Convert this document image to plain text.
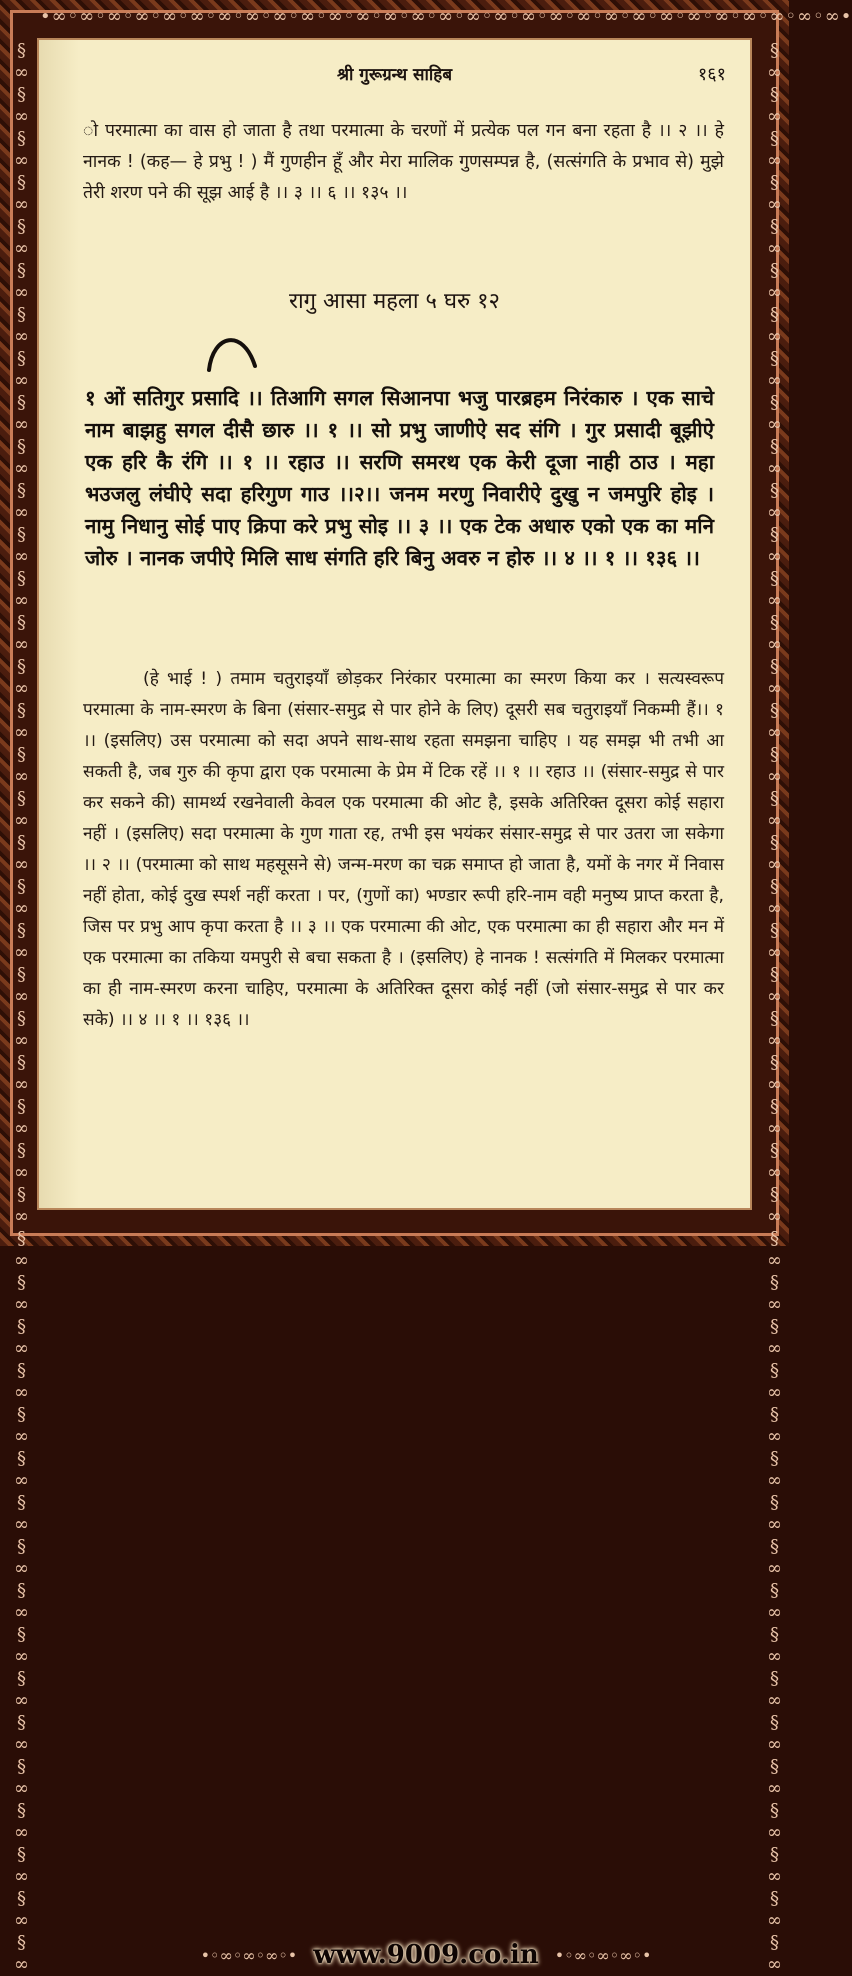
•∞◦∞◦∞◦∞◦∞◦∞◦∞◦∞◦∞◦∞◦∞◦∞◦∞◦∞◦∞◦∞◦∞◦∞◦∞◦∞◦∞◦∞◦∞◦∞◦∞◦∞◦∞◦∞◦∞•
§∞§∞§∞§∞§∞§∞§∞§∞§∞§∞§∞§∞§∞§∞§∞§∞§∞§∞§∞§∞§∞§∞§∞§∞§∞§∞§∞§∞§∞§∞§∞§∞§∞§∞§∞§∞§∞§∞§∞§∞§∞§∞§∞§∞	§∞§∞§∞§∞§∞§∞§∞§∞§∞§∞§∞§∞§∞§∞§∞§∞§∞§∞§∞§∞§∞§∞§∞§∞§∞§∞§∞§∞§∞§∞§∞§∞§∞§∞§∞§∞§∞§∞§∞§∞§∞§∞§∞§∞
श्री गुरूग्रन्थ साहिब	१६१
ो परमात्मा का वास हो जाता है तथा परमात्मा के चरणों में प्रत्येक पल गन बना रहता है ।। २ ।। हे नानक ! (कह— हे प्रभु ! ) मैं गुणहीन हूँ और मेरा मालिक गुणसम्पन्न है, (सत्संगति के प्रभाव से) मुझे तेरी शरण पने की सूझ आई है ।। ३ ।। ६ ।। १३५ ।।
रागु आसा महला ५ घरु १२
१ ओं सतिगुर प्रसादि ।। तिआगि सगल सिआनपा भजु पारब्रहम निरंकारु । एक साचे नाम बाझहु सगल दीसै छारु ।। १ ।। सो प्रभु जाणीऐ सद संगि । गुर प्रसादी बूझीऐ एक हरि कै रंगि ।। १ ।। रहाउ ।। सरणि समरथ एक केरी दूजा नाही ठाउ । महा भउजलु लंघीऐ सदा हरिगुण गाउ ।।२।। जनम मरणु निवारीऐ दुखु न जमपुरि होइ । नामु निधानु सोई पाए क्रिपा करे प्रभु सोइ ।। ३ ।। एक टेक अधारु एको एक का मनि जोरु । नानक जपीऐ मिलि साध संगति हरि बिनु अवरु न होरु ।। ४ ।। १ ।। १३६ ।।
(हे भाई ! ) तमाम चतुराइयाँ छोड़कर निरंकार परमात्मा का स्मरण किया कर । सत्यस्वरूप परमात्मा के नाम-स्मरण के बिना (संसार-समुद्र से पार होने के लिए) दूसरी सब चतुराइयाँ निकम्मी हैं।। १ ।। (इसलिए) उस परमात्मा को सदा अपने साथ-साथ रहता समझना चाहिए । यह समझ भी तभी आ सकती है, जब गुरु की कृपा द्वारा एक परमात्मा के प्रेम में टिक रहें ।। १ ।। रहाउ ।। (संसार-समुद्र से पार कर सकने की) सामर्थ्य रखनेवाली केवल एक परमात्मा की ओट है, इसके अतिरिक्त दूसरा कोई सहारा नहीं । (इसलिए) सदा परमात्मा के गुण गाता रह, तभी इस भयंकर संसार-समुद्र से पार उतरा जा सकेगा ।। २ ।। (परमात्मा को साथ महसूसने से) जन्म-मरण का चक्र समाप्त हो जाता है, यमों के नगर में निवास नहीं होता, कोई दुख स्पर्श नहीं करता । पर, (गुणों का) भण्डार रूपी हरि-नाम वही मनुष्य प्राप्त करता है, जिस पर प्रभु आप कृपा करता है ।। ३ ।। एक परमात्मा की ओट, एक परमात्मा का ही सहारा और मन में एक परमात्मा का तकिया यमपुरी से बचा सकता है । (इसलिए) हे नानक ! सत्संगति में मिलकर परमात्मा का ही नाम-स्मरण करना चाहिए, परमात्मा के अतिरिक्त दूसरा कोई नहीं (जो संसार-समुद्र से पार कर सके) ।। ४ ।। १ ।। १३६ ।।
•◦∞◦∞◦∞◦• www.9009.co.in •◦∞◦∞◦∞◦•
